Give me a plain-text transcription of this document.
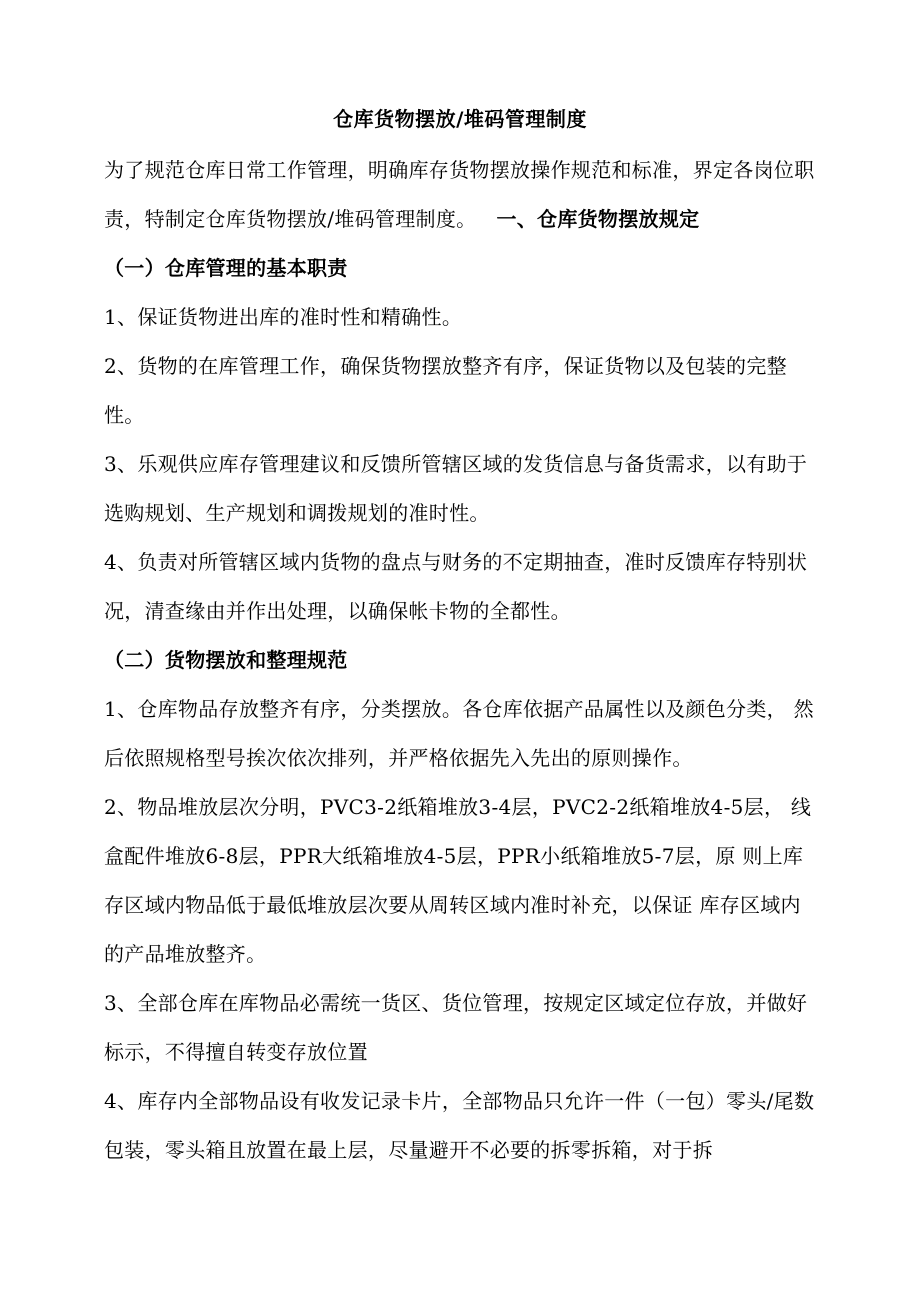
仓库货物摆放/堆码管理制度

为了规范仓库日常工作管理，明确库存货物摆放操作规范和标准，界定各岗位职责，特制定仓库货物摆放/堆码管理制度。 一、仓库货物摆放规定

（一）仓库管理的基本职责

1、保证货物进出库的准时性和精确性。

2、货物的在库管理工作，确保货物摆放整齐有序，保证货物以及包装的完整性。

3、乐观供应库存管理建议和反馈所管辖区域的发货信息与备货需求，以有助于选购规划、生产规划和调拨规划的准时性。

4、负责对所管辖区域内货物的盘点与财务的不定期抽查，准时反馈库存特别状况，清查缘由并作出处理，以确保帐卡物的全都性。

（二）货物摆放和整理规范

1、仓库物品存放整齐有序，分类摆放。各仓库依据产品属性以及颜色分类， 然后依照规格型号挨次依次排列，并严格依据先入先出的原则操作。

2、物品堆放层次分明，PVC3-2纸箱堆放3-4层，PVC2-2纸箱堆放4-5层， 线盒配件堆放6-8层，PPR大纸箱堆放4-5层，PPR小纸箱堆放5-7层，原 则上库存区域内物品低于最低堆放层次要从周转区域内准时补充，以保证 库存区域内的产品堆放整齐。

3、全部仓库在库物品必需统一货区、货位管理，按规定区域定位存放，并做好标示，不得擅自转变存放位置

4、库存内全部物品设有收发记录卡片，全部物品只允许一件（一包）零头/尾数包装，零头箱且放置在最上层，尽量避开不必要的拆零拆箱，对于拆
